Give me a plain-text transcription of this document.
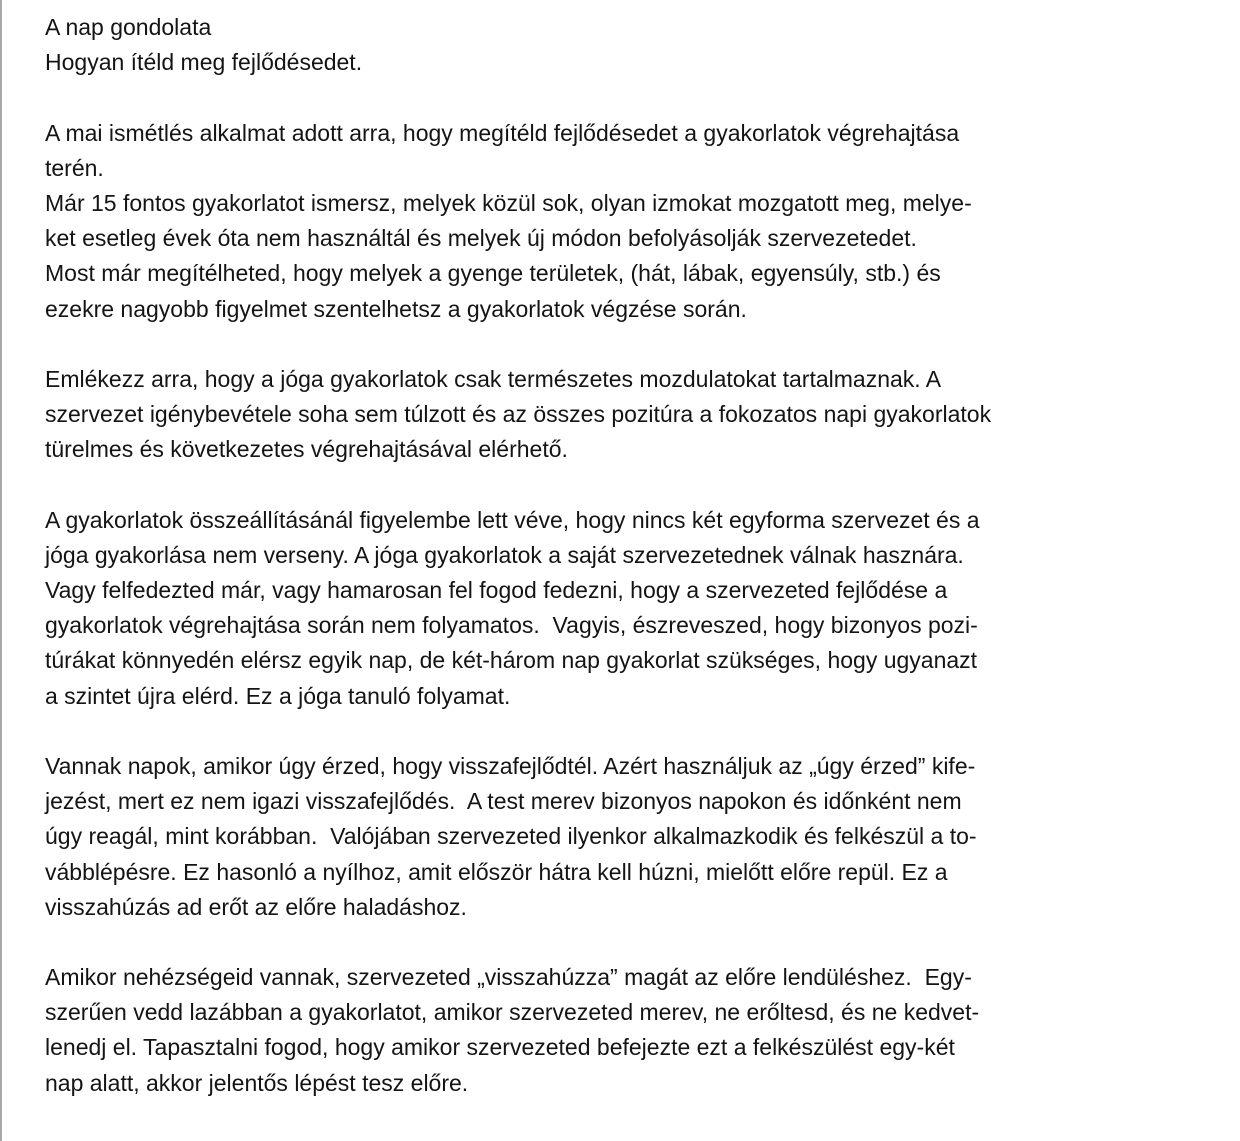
A nap gondolata
Hogyan ítéld meg fejlődésedet.
A mai ismétlés alkalmat adott arra, hogy megítéld fejlődésedet a gyakorlatok végrehajtása
terén.
Már 15 fontos gyakorlatot ismersz, melyek közül sok, olyan izmokat mozgatott meg, melye-
ket esetleg évek óta nem használtál és melyek új módon befolyásolják szervezetedet.
Most már megítélheted, hogy melyek a gyenge területek, (hát, lábak, egyensúly, stb.) és
ezekre nagyobb figyelmet szentelhetsz a gyakorlatok végzése során.
Emlékezz arra, hogy a jóga gyakorlatok csak természetes mozdulatokat tartalmaznak. A
szervezet igénybevétele soha sem túlzott és az összes pozitúra a fokozatos napi gyakorlatok
türelmes és következetes végrehajtásával elérhető.
A gyakorlatok összeállításánál figyelembe lett véve, hogy nincs két egyforma szervezet és a
jóga gyakorlása nem verseny. A jóga gyakorlatok a saját szervezetednek válnak hasznára.
Vagy felfedezted már, vagy hamarosan fel fogod fedezni, hogy a szervezeted fejlődése a
gyakorlatok végrehajtása során nem folyamatos.  Vagyis, észreveszed, hogy bizonyos pozi-
túrákat könnyedén elérsz egyik nap, de két-három nap gyakorlat szükséges, hogy ugyanazt
a szintet újra elérd. Ez a jóga tanuló folyamat.
Vannak napok, amikor úgy érzed, hogy visszafejlődtél. Azért használjuk az „úgy érzed” kife-
jezést, mert ez nem igazi visszafejlődés.  A test merev bizonyos napokon és időnként nem
úgy reagál, mint korábban.  Valójában szervezeted ilyenkor alkalmazkodik és felkészül a to-
vábblépésre. Ez hasonló a nyílhoz, amit először hátra kell húzni, mielőtt előre repül. Ez a
visszahúzás ad erőt az előre haladáshoz.
Amikor nehézségeid vannak, szervezeted „visszahúzza” magát az előre lendüléshez.  Egy-
szerűen vedd lazábban a gyakorlatot, amikor szervezeted merev, ne erőltesd, és ne kedvet-
lenedj el. Tapasztalni fogod, hogy amikor szervezeted befejezte ezt a felkészülést egy-két
nap alatt, akkor jelentős lépést tesz előre.
